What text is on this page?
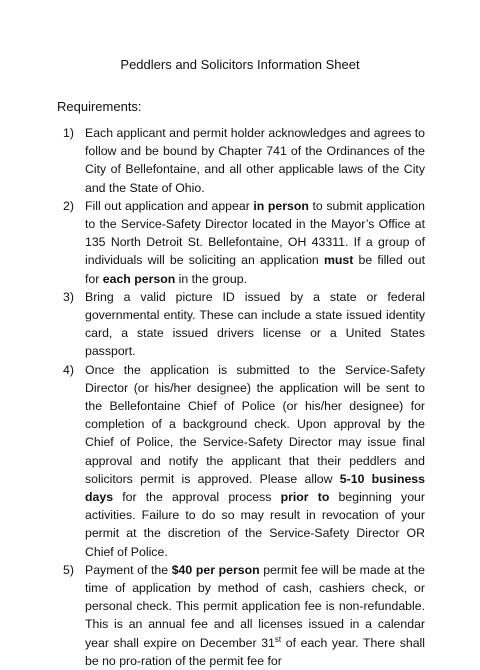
Peddlers and Solicitors Information Sheet
Requirements:
1) Each applicant and permit holder acknowledges and agrees to follow and be bound by Chapter 741 of the Ordinances of the City of Bellefontaine, and all other applicable laws of the City and the State of Ohio.
2) Fill out application and appear in person to submit application to the Service-Safety Director located in the Mayor’s Office at 135 North Detroit St. Bellefontaine, OH 43311. If a group of individuals will be soliciting an application must be filled out for each person in the group.
3) Bring a valid picture ID issued by a state or federal governmental entity. These can include a state issued identity card, a state issued drivers license or a United States passport.
4) Once the application is submitted to the Service-Safety Director (or his/her designee) the application will be sent to the Bellefontaine Chief of Police (or his/her designee) for completion of a background check. Upon approval by the Chief of Police, the Service-Safety Director may issue final approval and notify the applicant that their peddlers and solicitors permit is approved. Please allow 5-10 business days for the approval process prior to beginning your activities. Failure to do so may result in revocation of your permit at the discretion of the Service-Safety Director OR Chief of Police.
5) Payment of the $40 per person permit fee will be made at the time of application by method of cash, cashiers check, or personal check. This permit application fee is non-refundable. This is an annual fee and all licenses issued in a calendar year shall expire on December 31st of each year. There shall be no pro-ration of the permit fee for
